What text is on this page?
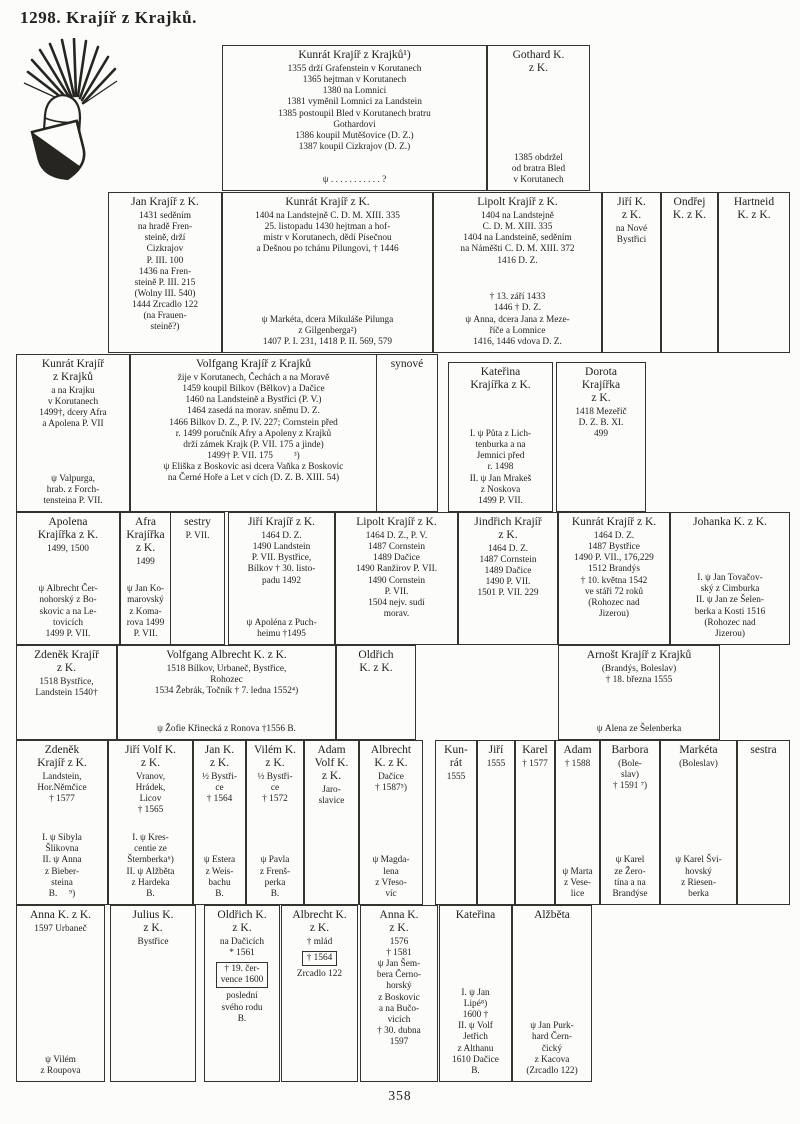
1298. Krajíř z Krajků.
Kunrát Krajíř z Krajků¹)
1355 drží Grafenstein v Korutanech
1365 hejtman v Korutanech
1380 na Lomnici
1381 vyměnil Lomnici za Landstein
1385 postoupil Bled v Korutanech bratru
Gothardovi
1386 koupil Mutěšovice (D. Z.)
1387 koupil Cizkrajov (D. Z.)
ψ . . . . . . . . . . . ?
Gothard K.
z K.
1385 obdržel
od bratra Bled
v Korutanech
Jan Krajíř z K.
1431 seděním
na hradě Fren-
steině, drží
Cizkrajov
P. III. 100
1436 na Fren-
steině P. III. 215
(Wolny III. 540)
1444 Zrcadlo 122
(na Frauen-
steině?)
Kunrát Krajíř z K.
1404 na Landstejně C. D. M. XIII. 335
25. listopadu 1430 hejtman a hof-
mistr v Korutanech, dědí Písečnou
a Dešnou po tchánu Pilungovi, † 1446
ψ Markéta, dcera Mikuláše Pilunga
z Gilgenberga²)
1407 P. I. 231, 1418 P. II. 569, 579
Lipolt Krajíř z K.
1404 na Landstejně
C. D. M. XIII. 335
1404 na Landsteině, seděním
na Náměšti C. D. M. XIII. 372
1416 D. Z.
† 13. září 1433
1446 † D. Z.
ψ Anna, dcera Jana z Meze-
říče a Lomnice
1416, 1446 vdova D. Z.
Jiří K.
z K.
na Nové
Bystřici
Ondřej
K. z K.
Hartneid
K. z K.
Kunrát Krajíř
z Krajků
a na Krajku
v Korutanech
1499†, dcery Afra
a Apolena P. VII
ψ Valpurga,
hrab. z Forch-
tensteina P. VII.
Volfgang Krajíř z Krajků
žije v Korutanech, Čechách a na Moravě
1459 koupil Bilkov (Bělkov) a Dačice
1460 na Landsteině a Bystřici (P. V.)
1464 zasedá na morav. sněmu D. Z.
1466 Bilkov D. Z., P. IV. 227; Cornstein před
r. 1499 poručník Afry a Apoleny z Krajků
drží zámek Krajk (P. VII. 175 a jinde)
1499† P. VII. 175         ³)
ψ Eliška z Boskovic asi dcera Vaňka z Boskovic
na Černé Hoře a Let v cích (D. Z. B. XIII. 54)
synové
Kateřina
Krajířka z K.
I. ψ Půta z Lich-
tenburka a na
Jemnici před
r. 1498
II. ψ Jan Mrakeš
z Noskova
1499 P. VII.
Dorota
Krajířka
z K.
1418 Mezeřič
D. Z. B. XI.
499
Apolena
Krajířka z K.
1499, 1500
ψ Albrecht Čer-
nohorský z Bo-
skovic a na Le-
tovicích
1499 P. VII.
Afra
Krajířka
z K.
1499
ψ Jan Ko-
marovský
z Koma-
rova 1499
P. VII.
sestry
P. VII.
Jiří Krajíř z K.
1464 D. Z.
1490 Landstein
P. VII. Bystřice,
Bílkov † 30. listo-
padu 1492
ψ Apoléna z Puch-
heimu †1495
Lipolt Krajíř z K.
1464 D. Z., P. V.
1487 Cornstein
1489 Dačice
1490 Ranžirov P. VII.
1490 Cornstein
P. VII.
1504 nejv. sudí
morav.
Jindřich Krajíř
z K.
1464 D. Z.
1487 Cornstein
1489 Dačice
1490 P. VII.
1501 P. VII. 229
Kunrát Krajíř z K.
1464 D. Z.
1487 Bystřice
1490 P. VII., 176,229
1512 Brandýs
† 10. května 1542
ve stáři 72 roků
(Rohozec nad
Jizerou)
Johanka K. z K.
I. ψ Jan Tovačov-
ský z Cimburka
II. ψ Jan ze Šelen-
berka a Kosti 1516
(Rohozec nad
Jizerou)
Zdeněk Krajíř
z K.
1518 Bystřice,
Landstein 1540†
Volfgang Albrecht K. z K.
1518 Bílkov, Urbaneč, Bystřice,
Rohozec
1534 Žebrák, Točník † 7. ledna 1552⁴)
ψ Žofie Křinecká z Ronova †1556 B.
Oldřich
K. z K.
Arnošt Krajíř z Krajků
(Brandýs, Boleslav)
† 18. března 1555
ψ Alena ze Šelenberka
Zdeněk
Krajíř z K.
Landstein,
Hor.Němčice
† 1577
I. ψ Sibyla
Šlikovna
II. ψ Anna
z Bieber-
steina
B.     ⁹)
Jiří Volf K.
z K.
Vranov,
Hrádek,
Licov
† 1565
I. ψ Kres-
centie ze
Šternberka⁶)
II. ψ Alžběta
z Hardeka
B.
Jan K.
z K.
½ Bystři-
ce
† 1564
ψ Estera
z Weis-
bachu
B.
Vilém K.
z K.
½ Bystři-
ce
† 1572
ψ Pavla
z Frenš-
perka
B.
Adam
Volf K.
z K.
Jaro-
slavice
Albrecht
K. z K.
Dačice
† 1587⁵)
ψ Magda-
lena
z Vřeso-
víc
Kun-
rát
1555
Jiří
1555
Karel
† 1577
Adam
† 1588
ψ Marta
z Vese-
lice
Barbora
(Bole-
slav)
† 1591 ⁷)
ψ Karel
ze Žero-
tína a na
Brandýse
Markéta
(Boleslav)
ψ Karel Švi-
hovský
z Riesen-
berka
sestra
Anna K. z K.
1597 Urbaneč
ψ Vilém
z Roupova
Julius K.
z K.
Bystřice
Oldřich K.
z K.
na Dačicích
* 1561
† 19. čer-
vence 1600
poslední
svého rodu
B.
Albrecht K.
z K.
† mlád
† 1564
Zrcadlo 122
Anna K.
z K.
1576
† 1581
ψ Jan Šem-
bera Černo-
horský
z Boskovic
a na Bučo-
vicích
† 30. dubna
1597
Kateřina
I. ψ Jan
Lipé⁸)
1600 †
II. ψ Volf
Jetřich
z Althanu
1610 Dačice
B.
Alžběta
ψ Jan Purk-
hard Čern-
čický
z Kacova
(Zrcadlo 122)
358
